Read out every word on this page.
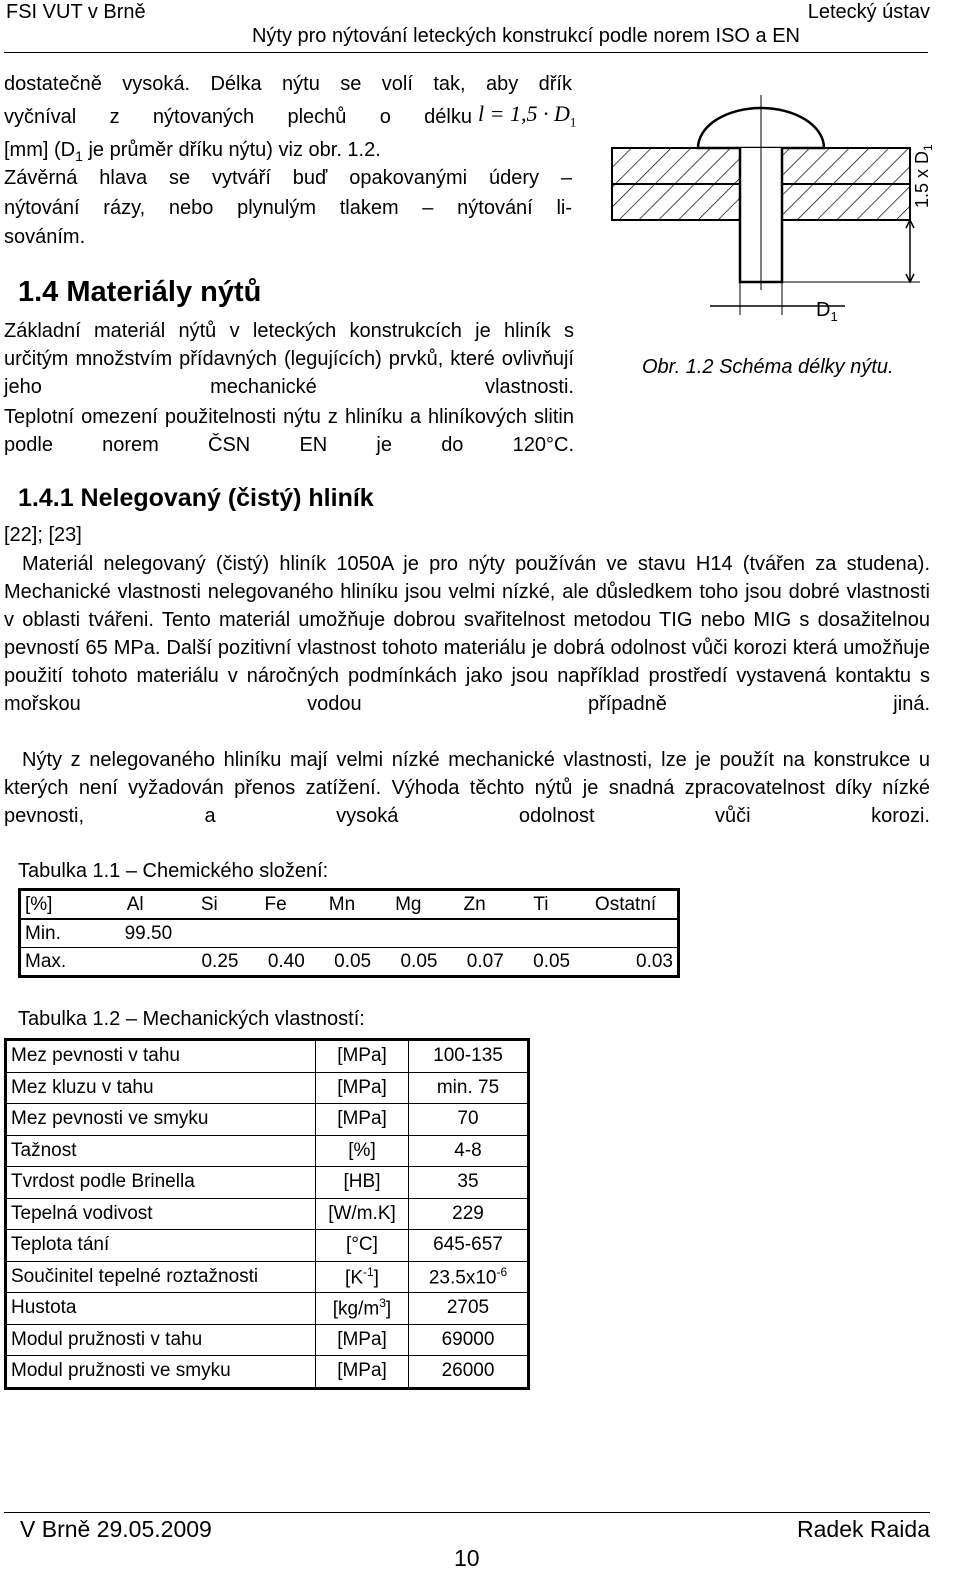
FSI VUT v Brně	Letecký ústav
Nýty pro nýtování leteckých konstrukcí podle norem ISO a EN
dostatečně vysoká. Délka nýtu se volí tak, aby dřík
vyčníval z nýtovaných plechů o délku $l = 1,5 \cdot D_1$
[mm] ($D_1$ je průměr dříku nýtu) viz obr. 1.2.
Závěrná hlava se vytváří buď opakovanými údery –
nýtování rázy, nebo plynulým tlakem – nýtování li-
sováním.
1.5 x $D_1$
$D_1$
Obr. 1.2 Schéma délky nýtu.
1.4 Materiály nýtů
Základní materiál nýtů v leteckých konstrukcích je hliník s určitým množstvím přídavných (legujících) prvků, které ovlivňují jeho mechanické vlastnosti.
Teplotní omezení použitelnosti nýtu z hliníku a hliníkových slitin podle norem ČSN EN je do 120°C.
1.4.1 Nelegovaný (čistý) hliník
[22]; [23]
Materiál nelegovaný (čistý) hliník 1050A je pro nýty používán ve stavu H14 (tvářen za studena). Mechanické vlastnosti nelegovaného hliníku jsou velmi nízké, ale důsledkem toho jsou dobré vlastnosti v oblasti tvářeni. Tento materiál umožňuje dobrou svařitelnost metodou TIG nebo MIG s dosažitelnou pevností 65 MPa. Další pozitivní vlastnost tohoto materiálu je dobrá odolnost vůči korozi která umožňuje použití tohoto materiálu v náročných podmínkách jako jsou například prostředí vystavená kontaktu s mořskou vodou případně jiná.
Nýty z nelegovaného hliníku mají velmi nízké mechanické vlastnosti, lze je použít na konstrukce u kterých není vyžadován přenos zatížení. Výhoda těchto nýtů je snadná zpracovatelnost díky nízké pevnosti, a vysoká odolnost vůči korozi.
Tabulka 1.1 – Chemického složení:
[%]	Al	Si	Fe	Mn	Mg	Zn	Ti	Ostatní
Min.	99.50							
Max.		0.25	0.40	0.05	0.05	0.07	0.05	0.03
Tabulka 1.2 – Mechanických vlastností:
Mez pevnosti v tahu	[MPa]	100-135
Mez kluzu v tahu	[MPa]	min. 75
Mez pevnosti ve smyku	[MPa]	70
Tažnost	[%]	4-8
Tvrdost podle Brinella	[HB]	35
Tepelná vodivost	[W/m.K]	229
Teplota tání	[°C]	645-657
Součinitel tepelné roztažnosti	$[K^{-1}]$	$23.5x10^{-6}$
Hustota	$[kg/m^3]$	2705
Modul pružnosti v tahu	[MPa]	69000
Modul pružnosti ve smyku	[MPa]	26000
V Brně 29.05.2009	Radek Raida
10
